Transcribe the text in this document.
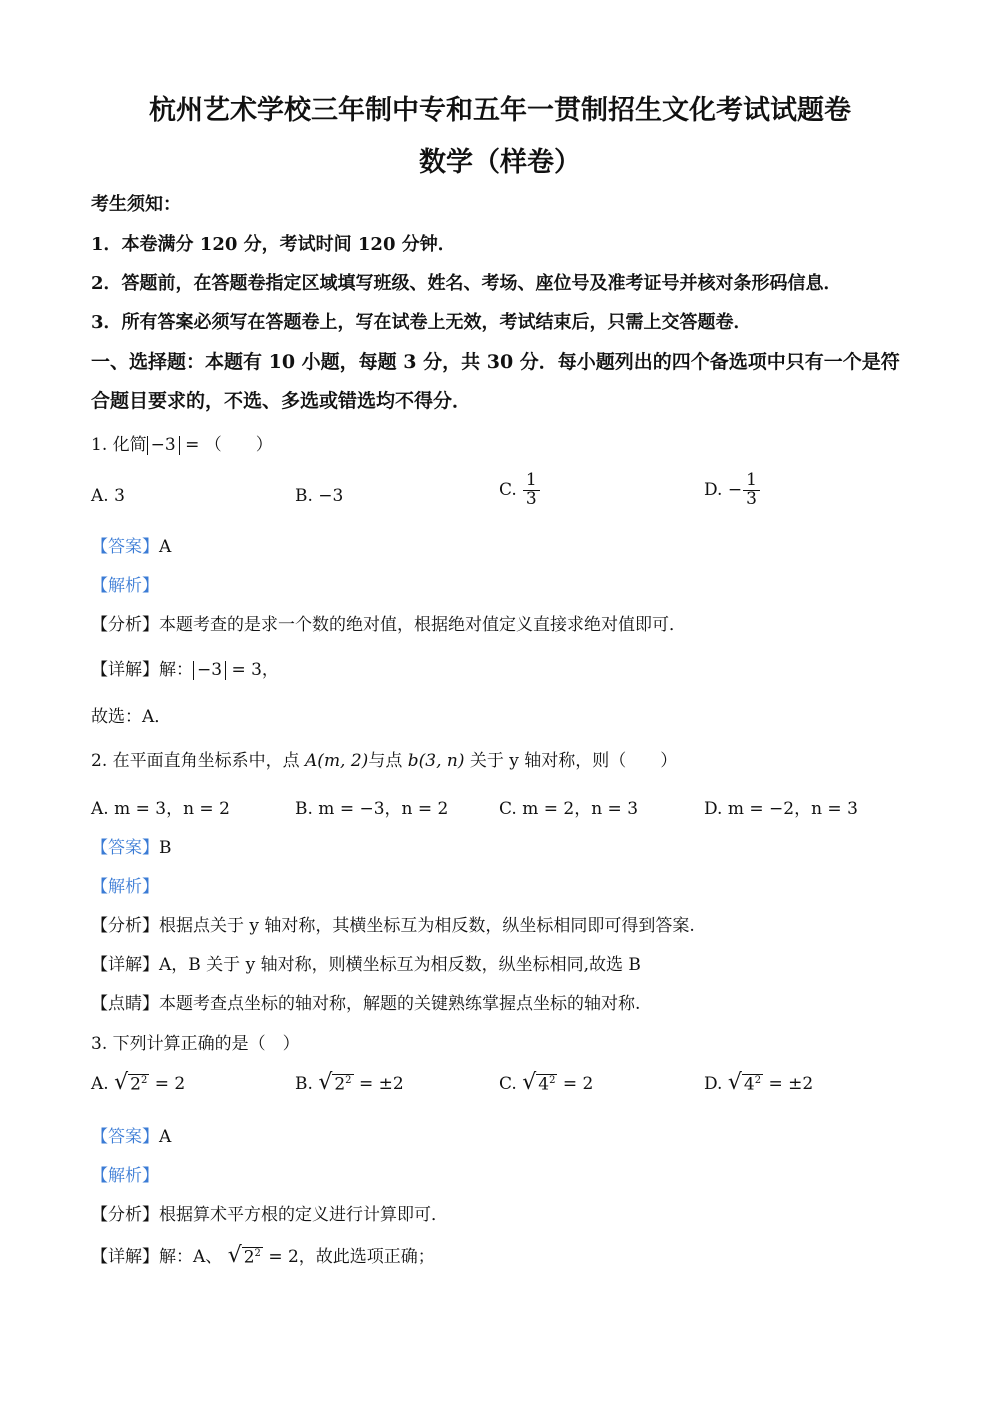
杭州艺术学校三年制中专和五年一贯制招生文化考试试题卷
数学（样卷）
考生须知：
1．本卷满分 120 分，考试时间 120 分钟．
2．答题前，在答题卷指定区域填写班级、姓名、考场、座位号及准考证号并核对条形码信息．
3．所有答案必须写在答题卷上，写在试卷上无效，考试结束后，只需上交答题卷．
一、选择题：本题有 10 小题，每题 3 分，共 30 分．每小题列出的四个备选项中只有一个是符
合题目要求的，不选、多选或错选均不得分．
1. 化简 −3 = （　　）
A. 3	B. −3	C. $\frac{1}{3}$	D. − $\frac{1}{3}$
【答案】A
【解析】
【分析】本题考查的是求一个数的绝对值，根据绝对值定义直接求绝对值即可．
【详解】解： −3 = 3，
故选：A．
2. 在平面直角坐标系中，点 A(m, 2)与点 b(3, n) 关于 y 轴对称，则（　　）
A. m = 3，n = 2	B. m = −3，n = 2	C. m = 2，n = 3	D. m = −2，n = 3
【答案】B
【解析】
【分析】根据点关于 y 轴对称，其横坐标互为相反数，纵坐标相同即可得到答案.
【详解】A，B 关于 y 轴对称，则横坐标互为相反数，纵坐标相同,故选 B
【点睛】本题考查点坐标的轴对称，解题的关键熟练掌握点坐标的轴对称.
3. 下列计算正确的是（　）
A. √ $2^2 = 2$	B. √ $2^2 = \pm 2$	C. √ $4^2 = 2$	D. √ $4^2 = \pm 2$
【答案】A
【解析】
【分析】根据算术平方根的定义进行计算即可．
【详解】解：A、 √ $2^2 = 2$，故此选项正确；
